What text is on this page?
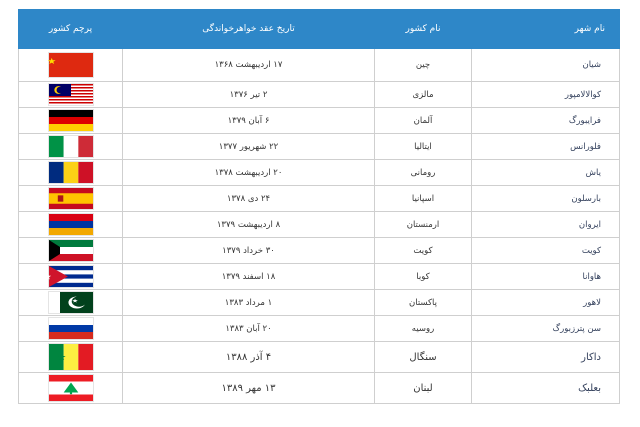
نام شهر	نام کشور	تاریخ عقد خواهرخواندگی	پرچم کشور
شیان	چین	۱۷ اردیبهشت ۱۳۶۸	★

کوالالامپور	مالزی	۲ تیر ۱۳۷۶	

فرایبورگ	آلمان	۶ آبان ۱۳۷۹	

فلورانس	ایتالیا	۲۲ شهریور ۱۳۷۷	

یاش	رومانی	۲۰ اردیبهشت ۱۳۷۸	

بارسلون	اسپانیا	۲۴ دی ۱۳۷۸	

ایروان	ارمنستان	۸ اردیبهشت ۱۳۷۹	

کویت	کویت	۳۰ خرداد ۱۳۷۹	

هاوانا	کوبا	۱۸ اسفند ۱۳۷۹	★

لاهور	پاکستان	۱ مرداد ۱۳۸۳	★

سن پترزبورگ	روسیه	۲۰ آبان ۱۳۸۳	

داکار	سنگال	۴ آذر ۱۳۸۸	

بعلبک	لبنان	۱۳ مهر ۱۳۸۹	
